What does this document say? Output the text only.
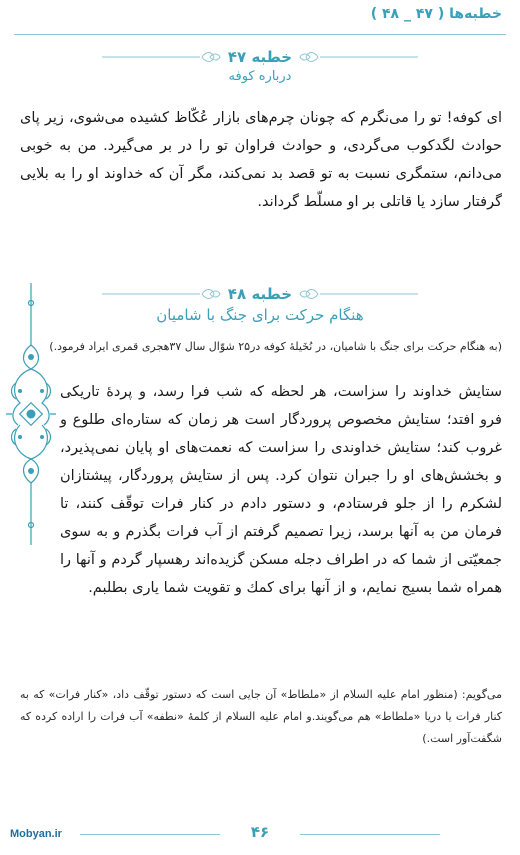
خطبه‌ها ( ۴۷ _ ۴۸ )
خطبه ۴۷
درباره کوفه
ای کوفه! تو را می‌نگرم که چونان چرم‌های بازار عُکّاظ کشیده می‌شوی، زیر پای حوادث لگدکوب می‌گردی، و حوادث فراوان تو را در بر می‌گیرد. من به خوبی می‌دانم، ستمگری نسبت به تو قصد بد نمی‌کند، مگر آن که خداوند او را به بلایی گرفتار سازد یا قاتلی بر او مسلّط گرداند.
خطبه ۴۸
هنگام حرکت برای جنگ با شامیان
(به هنگام حرکت برای جنگ با شامیان، در نُخَیلهٔ کوفه در۲۵ شوّال سال ۳۷هجری قمری ایراد فرمود.)
ستایش خداوند را سزاست، هر لحظه که شب فرا رسد، و پردهٔ تاریکی فرو افتد؛ ستایش مخصوص پروردگار است هر زمان که ستاره‌ای طلوع و غروب کند؛ ستایش خداوندی را سزاست که نعمت‌های او پایان نمی‌پذیرد، و بخشش‌های او را جبران نتوان کرد. پس از ستایش پروردگار، پیشتازان لشکرم را از جلو فرستادم، و دستور دادم در کنار فرات توقّف کنند، تا فرمان من به آنها برسد، زیرا تصمیم گرفتم از آب فرات بگذرم و به سوی جمعیّتی از شما که در اطراف دجله مسکن گزیده‌اند رهسپار گردم و آنها را همراه شما بسیج نمایم، و از آنها برای کمك و تقویت شما یاری بطلبم.
می‌گویم: (منظور امام علیه السلام از «ملطاط» آن جایی است که دستور توقّف داد، «کنار فرات» که به کنار فرات یا دریا «ملطاط» هم می‌گویند.و امام علیه السلام از کلمهٔ «نطفه» آب فرات را اراده کرده که شگفت‌آور است.)
۴۶
Mobyan.ir
